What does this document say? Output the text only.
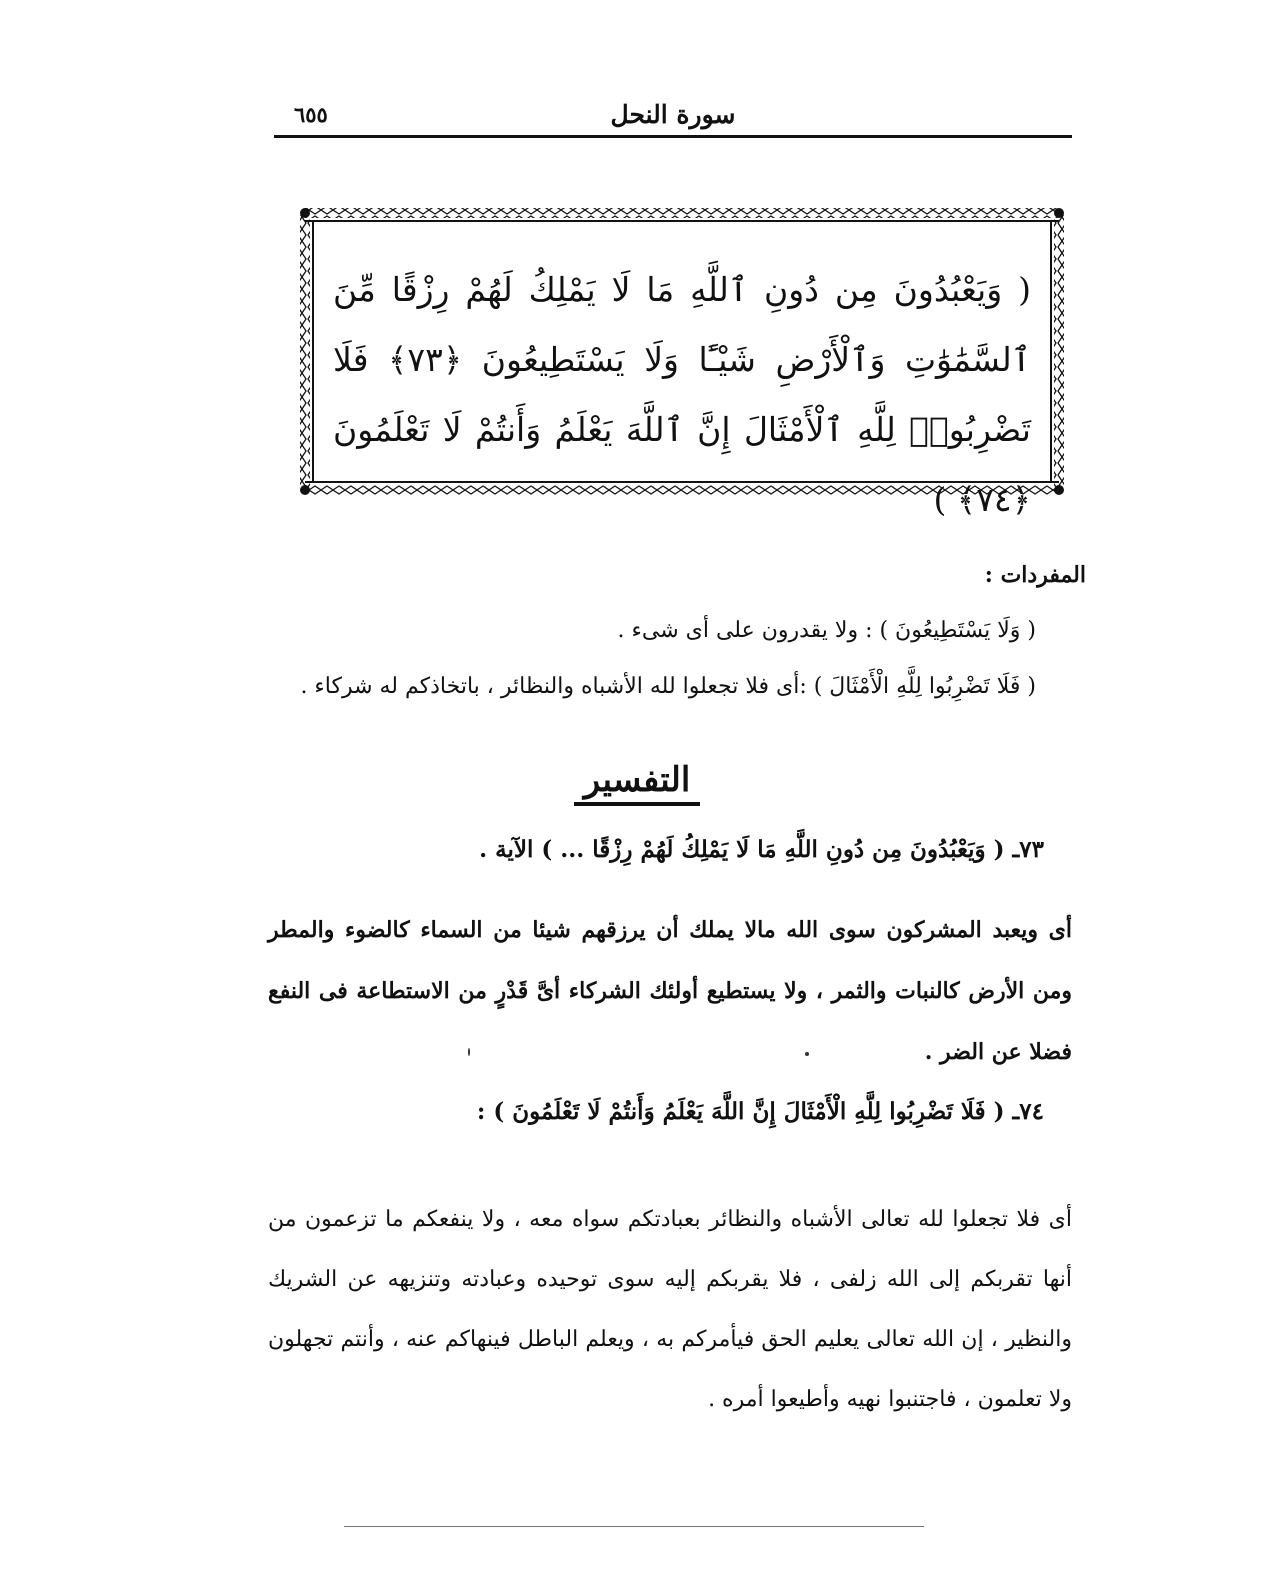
سورة النحل
٦٥٥
( وَيَعْبُدُونَ مِن دُونِ ٱللَّهِ مَا لَا يَمْلِكُ لَهُمْ رِزْقًا مِّنَ ٱلسَّمَٰوَٰتِ وَٱلْأَرْضِ شَيْـًٔا وَلَا يَسْتَطِيعُونَ ﴿٧٣﴾ فَلَا تَضْرِبُوا۟ لِلَّهِ ٱلْأَمْثَالَ إِنَّ ٱللَّهَ يَعْلَمُ وَأَنتُمْ لَا تَعْلَمُونَ ﴿٧٤﴾ )
المفردات :
( وَلَا يَسْتَطِيعُونَ ) : ولا يقدرون على أى شىء .
( فَلَا تَضْرِبُوا لِلَّهِ الْأَمْثَالَ ) :أى فلا تجعلوا لله الأشباه والنظائر ، باتخاذكم له شركاء .
التفسير
٧٣ـ ( وَيَعْبُدُونَ مِن دُونِ اللَّهِ مَا لَا يَمْلِكُ لَهُمْ رِزْقًا ... ) الآية .
أى ويعبد المشركون سوى الله مالا يملك أن يرزقهم شيئا من السماء كالضوء والمطر ومن الأرض كالنبات والثمر ، ولا يستطيع أولئك الشركاء أىَّ قَدْرٍ من الاستطاعة فى النفع فضلا عن الضر .
٧٤ـ ( فَلَا تَضْرِبُوا لِلَّهِ الْأَمْثَالَ إِنَّ اللَّهَ يَعْلَمُ وَأَنتُمْ لَا تَعْلَمُونَ ) :
أى فلا تجعلوا لله تعالى الأشباه والنظائر بعبادتكم سواه معه ، ولا ينفعكم ما تزعمون من أنها تقربكم إلى الله زلفى ، فلا يقربكم إليه سوى توحيده وعبادته وتنزيهه عن الشريك والنظير ، إن الله تعالى يعليم الحق فيأمركم به ، ويعلم الباطل فينهاكم عنه ، وأنتم تجهلون ولا تعلمون ، فاجتنبوا نهيه وأطيعوا أمره .
